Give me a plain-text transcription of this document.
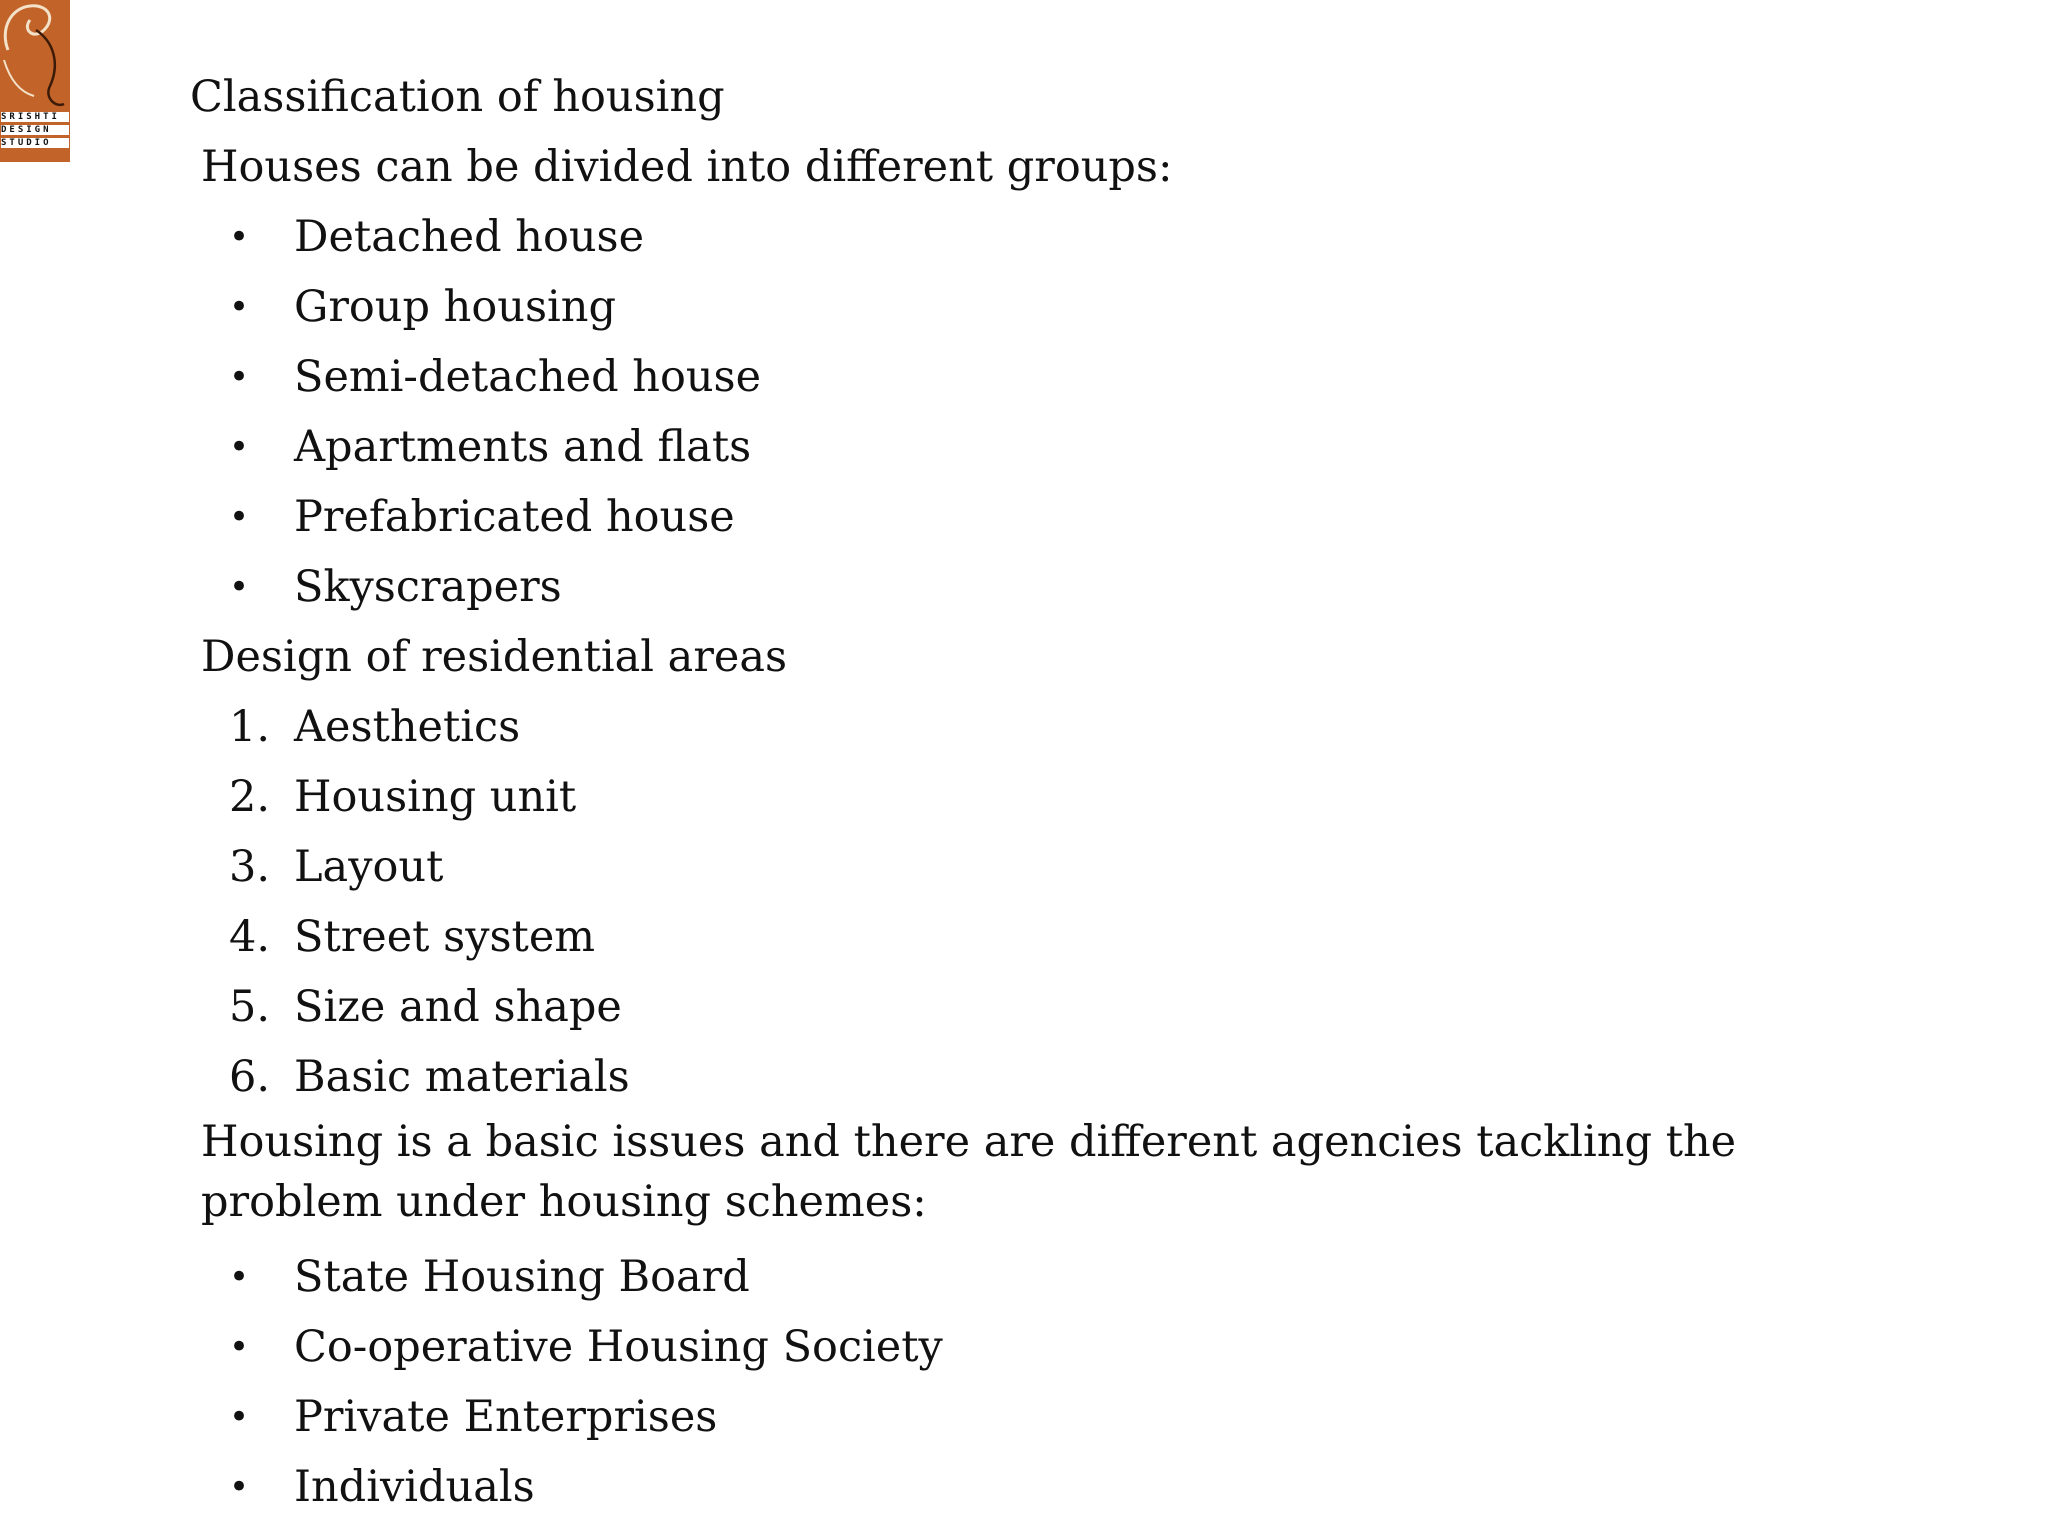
SRISHTI
DESIGN
STUDIO
Classification of housing

Houses can be divided into different groups:

• Detached house
• Group housing
• Semi-detached house
• Apartments and flats
• Prefabricated house
• Skyscrapers

Design of residential areas

1. Aesthetics
2. Housing unit
3. Layout
4. Street system
5. Size and shape
6. Basic materials

Housing is a basic issues and there are different agencies tackling the problem under housing schemes:

• State Housing Board
• Co-operative Housing Society
• Private Enterprises
• Individuals
